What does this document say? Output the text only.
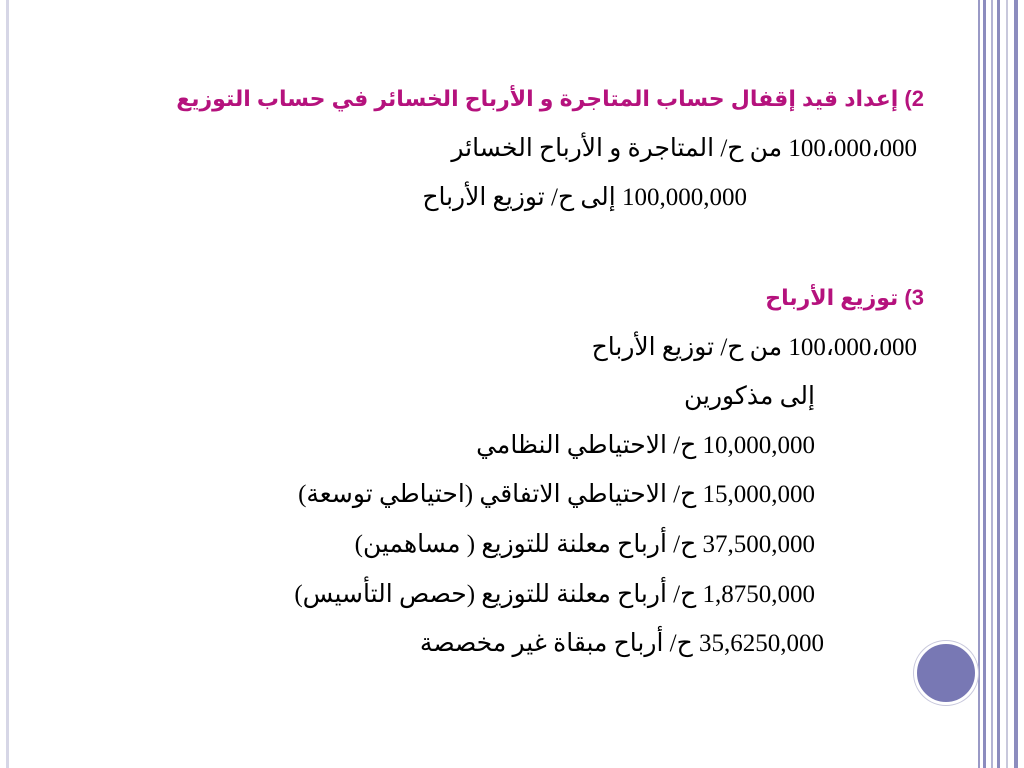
2) إعداد قيد إقفال حساب المتاجرة و الأرباح الخسائر في حساب التوزيع
100،000،000 من ح/ المتاجرة و الأرباح الخسائر
100,000,000 إلى ح/ توزيع الأرباح
3) توزيع الأرباح
100،000،000 من ح/ توزيع الأرباح
إلى مذكورين
10,000,000 ح/ الاحتياطي النظامي
15,000,000 ح/ الاحتياطي الاتفاقي (احتياطي توسعة)
37,500,000 ح/ أرباح معلنة للتوزيع ( مساهمين)
1,8750,000 ح/ أرباح معلنة للتوزيع (حصص التأسيس)
35,6250,000 ح/ أرباح مبقاة غير مخصصة
